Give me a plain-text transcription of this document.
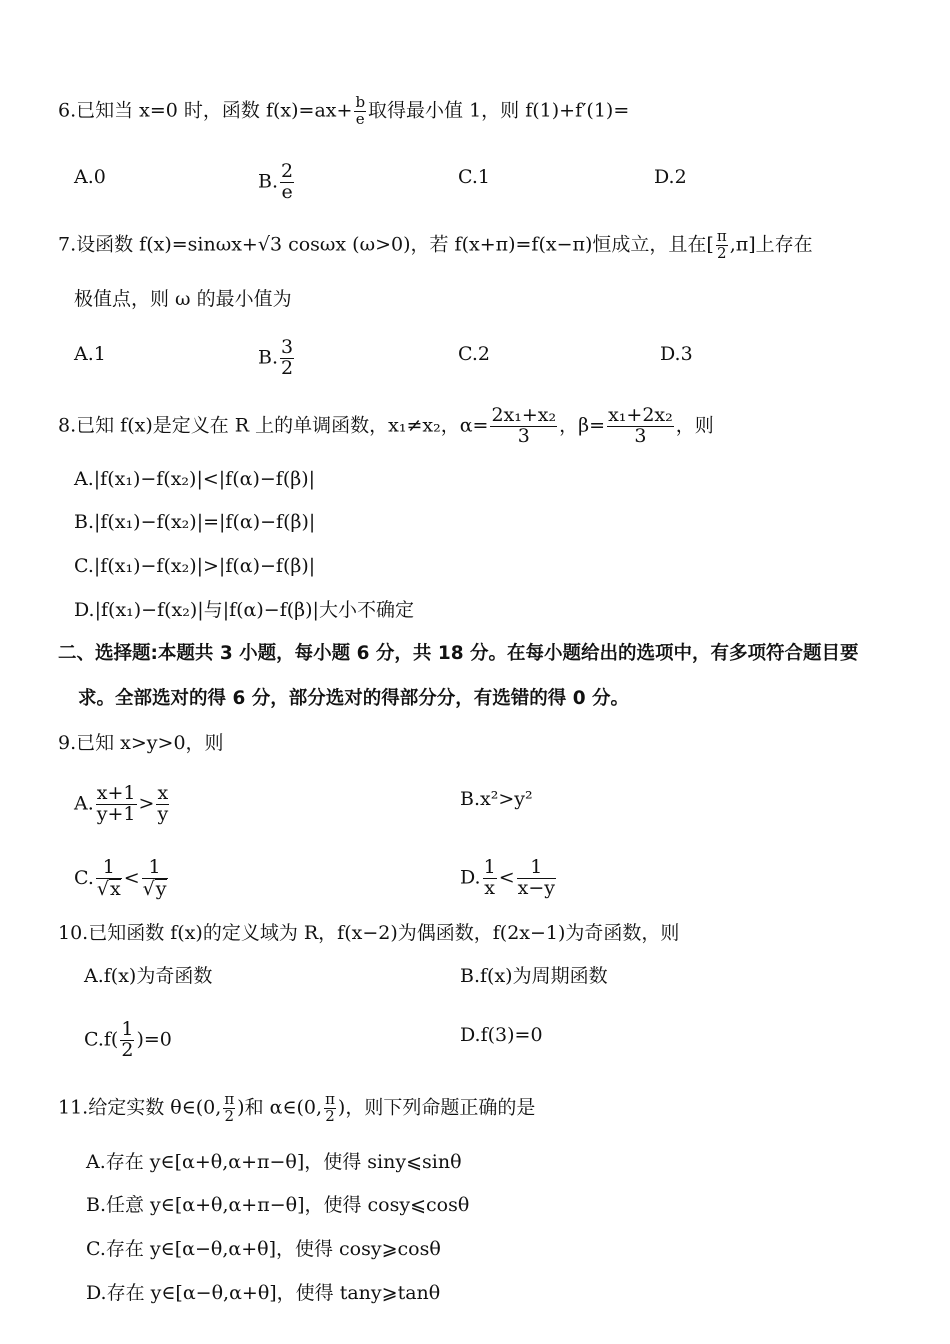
6.已知当 x=0 时，函数 $f(x)=ax+ \frac{b}{e}$ 取得最小值 1，则 f(1)+f′(1)=
A.0	B. $\frac{2}{e}$	C.1	D.2
7.设函数 f(x)=sinωx+√3 cosωx (ω>0)，若 f(x+π)=f(x−π)恒成立，且在[ $\frac{\pi}{2} ,\pi$]上存在
极值点，则 ω 的最小值为
A.1	B. $\frac{3}{2}$	C.2	D.3
8.已知 f(x)是定义在 R 上的单调函数，x₁≠x₂，$\alpha= \frac{\text{2x₁+x₂}}{3}$ ，$\beta= \frac{\text{x₁+2x₂}}{3}$ ，则
A.|f(x₁)−f(x₂)|<|f(α)−f(β)|
B.|f(x₁)−f(x₂)|=|f(α)−f(β)|
C.|f(x₁)−f(x₂)|>|f(α)−f(β)|
D.|f(x₁)−f(x₂)|与|f(α)−f(β)|大小不确定
二、选择题:本题共 3 小题，每小题 6 分，共 18 分。在每小题给出的选项中，有多项符合题目要
求。全部选对的得 6 分，部分选对的得部分分，有选错的得 0 分。
9.已知 x>y>0，则
A. $\frac{x+1}{y+1} > \frac{x}{y}$	B.x²>y²
C. $\frac{1}{√x} < \frac{1}{√y}$	D. $\frac{1}{x} < \frac{1}{x-y}$
10.已知函数 f(x)的定义域为 R，f(x−2)为偶函数，f(2x−1)为奇函数，则
A.f(x)为奇函数	B.f(x)为周期函数
$C.f( \frac{1}{2} )=0$	D.f(3)=0
11.给定实数 θ∈(0, $\frac{\pi}{2}$ )和 α∈(0, $\frac{\pi}{2}$ )，则下列命题正确的是
A.存在 y∈[α+θ,α+π−θ]，使得 siny⩽sinθ
B.任意 y∈[α+θ,α+π−θ]，使得 cosy⩽cosθ
C.存在 y∈[α−θ,α+θ]，使得 cosy⩾cosθ
D.存在 y∈[α−θ,α+θ]，使得 tany⩾tanθ
